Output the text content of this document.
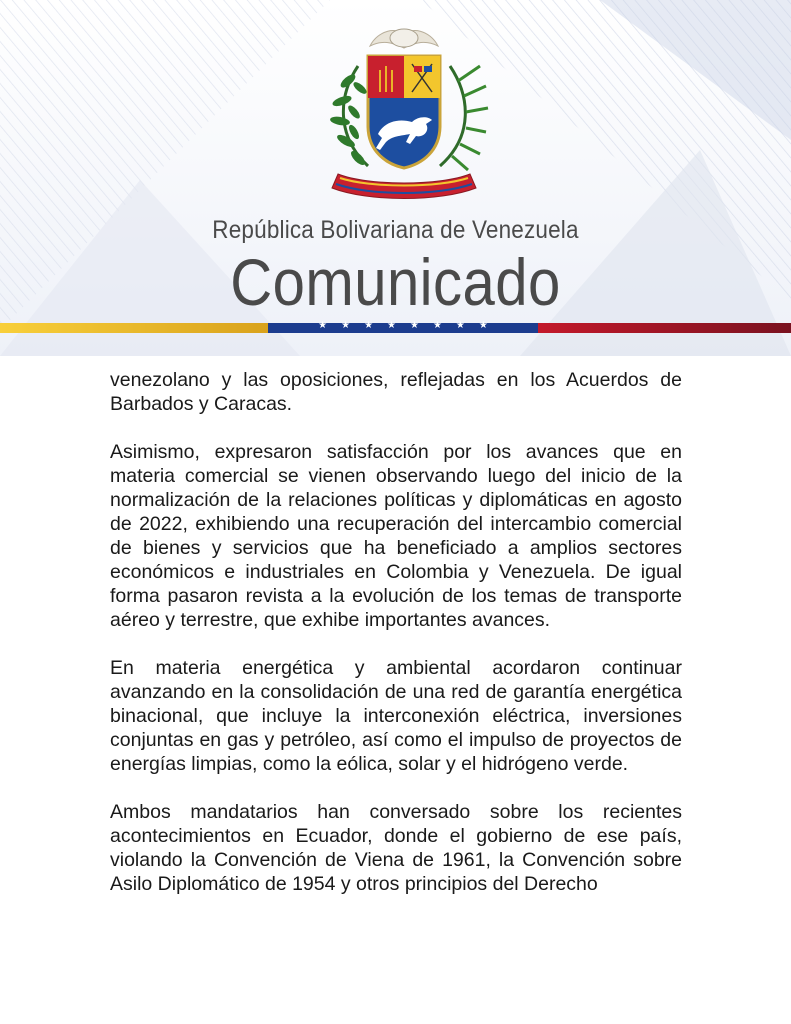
República Bolivariana de Venezuela
Comunicado
★★★★★★★★

venezolano y las oposiciones, reflejadas en los Acuerdos de Barbados y Caracas.

Asimismo, expresaron satisfacción por los avances que en materia comercial se vienen observando luego del inicio de la normalización de la relaciones políticas y diplomáticas en agosto de 2022, exhibiendo una recuperación del intercambio comercial de bienes y servicios que ha beneficiado a amplios sectores económicos e industriales en Colombia y Venezuela. De igual forma pasaron revista a la evolución de los temas de transporte aéreo y terrestre, que exhibe importantes avances.

En materia energética y ambiental acordaron continuar avanzando en la consolidación de una red de garantía energética binacional, que incluye la interconexión eléctrica, inversiones conjuntas en gas y petróleo, así como el impulso de proyectos de energías limpias, como la eólica, solar y el hidrógeno verde.

Ambos mandatarios han conversado sobre los recientes acontecimientos en Ecuador, donde el gobierno de ese país, violando la Convención de Viena de 1961, la Convención sobre Asilo Diplomático de 1954 y otros principios del Derecho
